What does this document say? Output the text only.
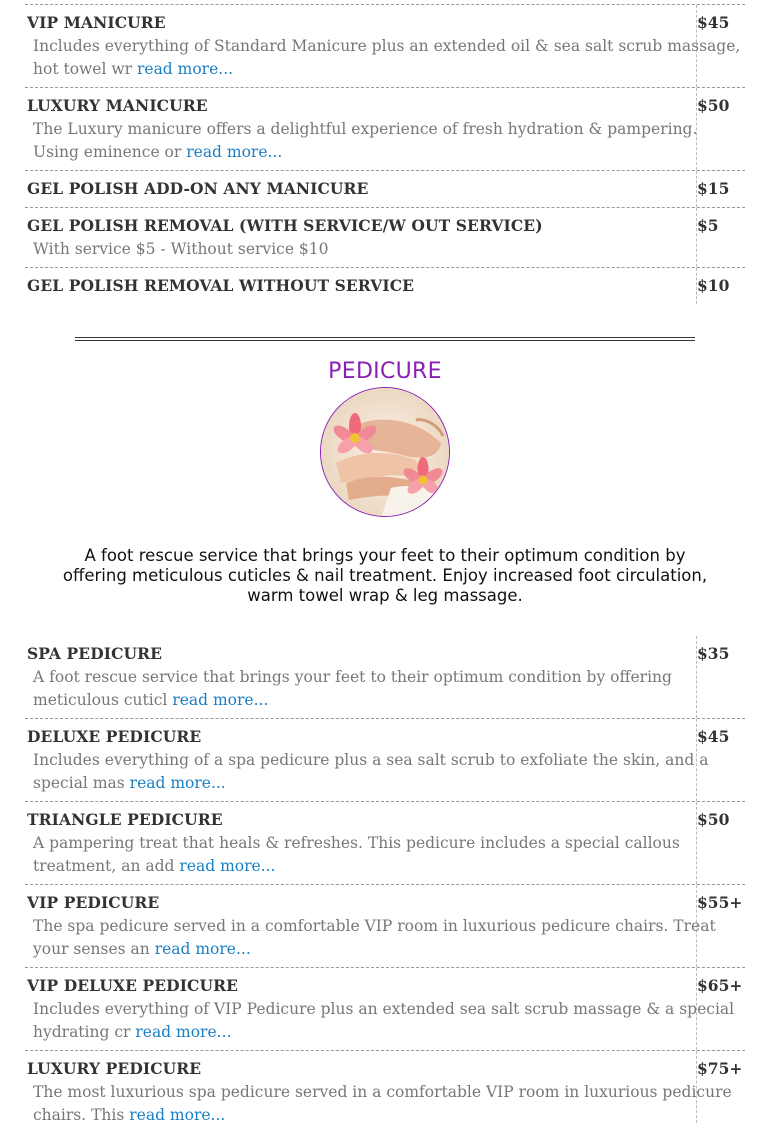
VIP MANICURE	$45

Includes everything of Standard Manicure plus an extended oil & sea salt scrub massage, hot towel wr read more...

LUXURY MANICURE	$50

The Luxury manicure offers a delightful experience of fresh hydration & pampering. Using eminence or read more...

GEL POLISH ADD-ON ANY MANICURE	$15
GEL POLISH REMOVAL (WITH SERVICE/W OUT SERVICE)	$5

With service $5 - Without service $10

GEL POLISH REMOVAL WITHOUT SERVICE	$10
PEDICURE

A foot rescue service that brings your feet to their optimum condition by offering meticulous cuticles & nail treatment. Enjoy increased foot circulation, warm towel wrap & leg massage.

SPA PEDICURE	$35

A foot rescue service that brings your feet to their optimum condition by offering meticulous cuticl read more...

DELUXE PEDICURE	$45

Includes everything of a spa pedicure plus a sea salt scrub to exfoliate the skin, and a special mas read more...

TRIANGLE PEDICURE	$50

A pampering treat that heals & refreshes. This pedicure includes a special callous treatment, an add read more...

VIP PEDICURE	$55+

The spa pedicure served in a comfortable VIP room in luxurious pedicure chairs. Treat your senses an read more...

VIP DELUXE PEDICURE	$65+

Includes everything of VIP Pedicure plus an extended sea salt scrub massage & a special hydrating cr read more...

LUXURY PEDICURE	$75+

The most luxurious spa pedicure served in a comfortable VIP room in luxurious pedicure chairs. This read more...
